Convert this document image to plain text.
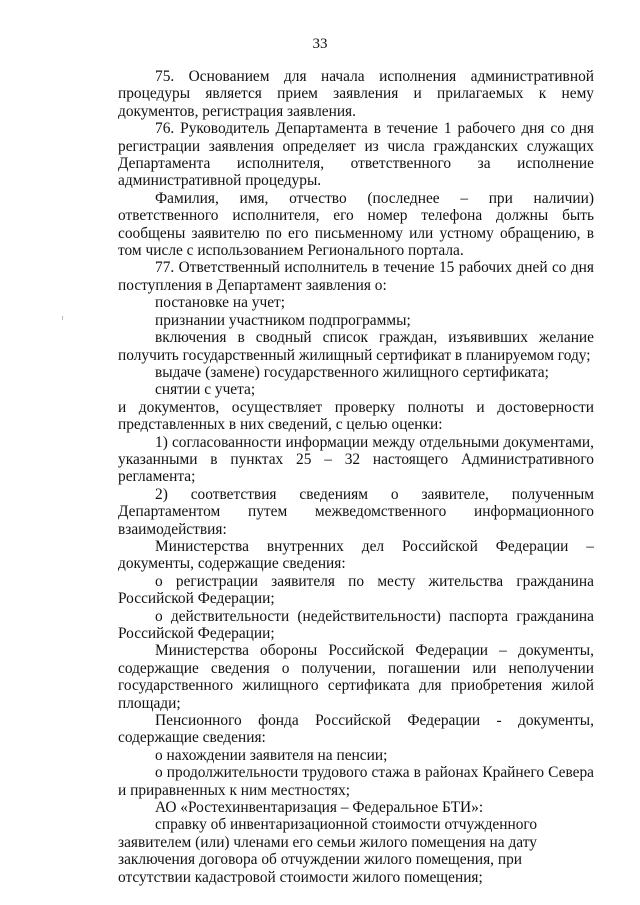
33

75. Основанием для начала исполнения административной процедуры является прием заявления и прилагаемых к нему документов, регистрация заявления.

76. Руководитель Департамента в течение 1 рабочего дня со дня регистрации заявления определяет из числа гражданских служащих Департамента исполнителя, ответственного за исполнение административной процедуры.

Фамилия, имя, отчество (последнее – при наличии) ответственного исполнителя, его номер телефона должны быть сообщены заявителю по его письменному или устному обращению, в том числе с использованием Регионального портала.

77. Ответственный исполнитель в течение 15 рабочих дней со дня поступления в Департамент заявления о:

постановке на учет;

признании участником подпрограммы;

включения в сводный список граждан, изъявивших желание получить государственный жилищный сертификат в планируемом году;

выдаче (замене) государственного жилищного сертификата;

снятии с учета;

и документов, осуществляет проверку полноты и достоверности представленных в них сведений, с целью оценки:

1) согласованности информации между отдельными документами, указанными в пунктах 25 – 32 настоящего Административного регламента;

2) соответствия сведениям о заявителе, полученным Департаментом путем межведомственного информационного взаимодействия:

Министерства внутренних дел Российской Федерации – документы, содержащие сведения:

о регистрации заявителя по месту жительства гражданина Российской Федерации;

о действительности (недействительности) паспорта гражданина Российской Федерации;

Министерства обороны Российской Федерации – документы, содержащие сведения о получении, погашении или неполучении государственного жилищного сертификата для приобретения жилой площади;

Пенсионного фонда Российской Федерации - документы, содержащие сведения:

о нахождении заявителя на пенсии;

о продолжительности трудового стажа в районах Крайнего Севера и приравненных к ним местностях;

АО «Ростехинвентаризация – Федеральное БТИ»:

справку об инвентаризационной стоимости отчужденного заявителем (или) членами его семьи жилого помещения на дату заключения договора об отчуждении жилого помещения, при отсутствии кадастровой стоимости жилого помещения;
